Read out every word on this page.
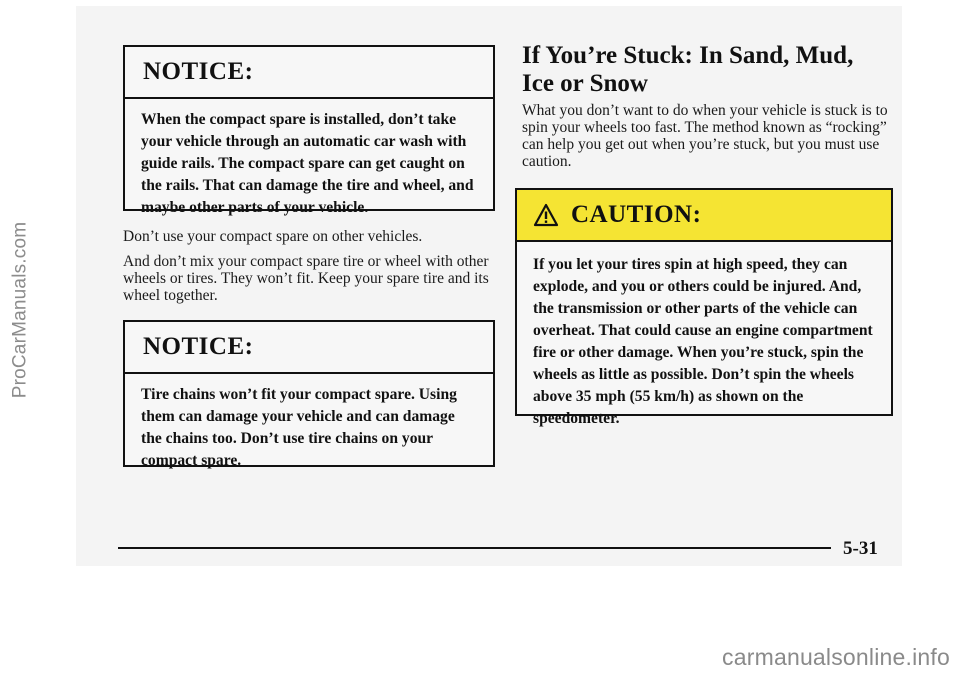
ProCarManuals.com
NOTICE:
When the compact spare is installed, don’t take your vehicle through an automatic car wash with guide rails. The compact spare can get caught on the rails. That can damage the tire and wheel, and maybe other parts of your vehicle.
Don’t use your compact spare on other vehicles.
And don’t mix your compact spare tire or wheel with other wheels or tires. They won’t fit. Keep your spare tire and its wheel together.
NOTICE:
Tire chains won’t fit your compact spare. Using them can damage your vehicle and can damage the chains too. Don’t use tire chains on your compact spare.
If You’re Stuck: In Sand, Mud, Ice or Snow
What you don’t want to do when your vehicle is stuck is to spin your wheels too fast. The method known as “rocking” can help you get out when you’re stuck, but you must use caution.
CAUTION:
If you let your tires spin at high speed, they can explode, and you or others could be injured. And, the transmission or other parts of the vehicle can overheat. That could cause an engine compartment fire or other damage. When you’re stuck, spin the wheels as little as possible. Don’t spin the wheels above 35 mph (55 km/h) as shown on the speedometer.
5-31
carmanualsonline.info
